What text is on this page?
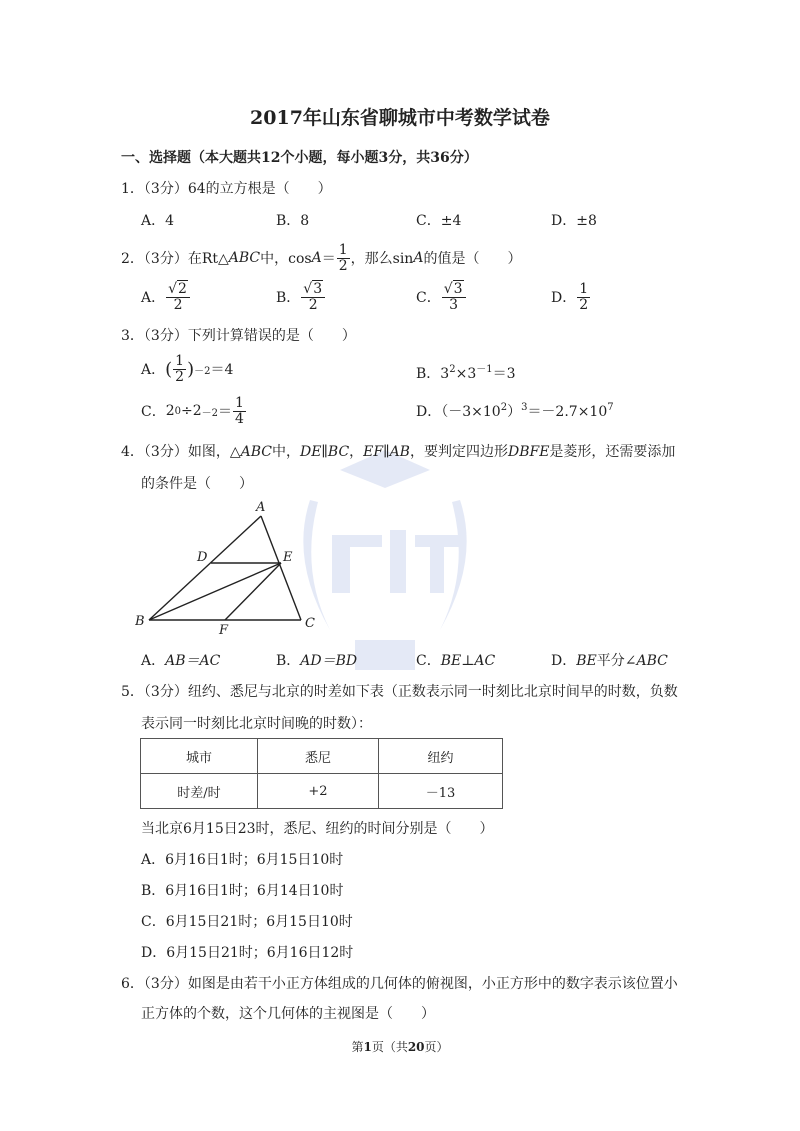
2017年山东省聊城市中考数学试卷
一、选择题（本大题共12个小题，每小题3分，共36分）
1．（3分）64的立方根是（　　）
A．4	B．8	C．±4	D．±8
2．（3分）在Rt△ ABC 中，$\cos A = \frac{1}{2}$ ，那么sin A 的值是（　　）
A． $\frac{√2}{2}$	B． $\frac{√3}{2}$	C． $\frac{√3}{3}$	D． $\frac{1}{2}$
3．（3分）下列计算错误的是（　　）
A． ( $\frac{1}{2}$ ) －2 ＝4	B．$3^2\times 3^{-1}=3$
C． 2 $0 \div 2 -2 = \frac{1}{4}$	D．$(-3\times 10^2)^3=-2.7\times 10^7$
4．（3分）如图，△ABC中，DE∥BC，EF∥AB，要判定四边形DBFE是菱形，还需要添加
的条件是（　　）
A
B	C
D	E
F
A．AB＝AC	B．AD＝BD	C．BE⊥AC	D．BE平分∠ABC
5．（3分）纽约、悉尼与北京的时差如下表（正数表示同一时刻比北京时间早的时数，负数
表示同一时刻比北京时间晚的时数）：
城市	悉尼	纽约
时差/时	+2	－13
当北京6月15日23时，悉尼、纽约的时间分别是（　　）
A．6月16日1时；6月15日10时
B．6月16日1时；6月14日10时
C．6月15日21时；6月15日10时
D．6月15日21时；6月16日12时
6．（3分）如图是由若干小正方体组成的几何体的俯视图，小正方形中的数字表示该位置小
正方体的个数，这个几何体的主视图是（　　）
第1页（共20页）
